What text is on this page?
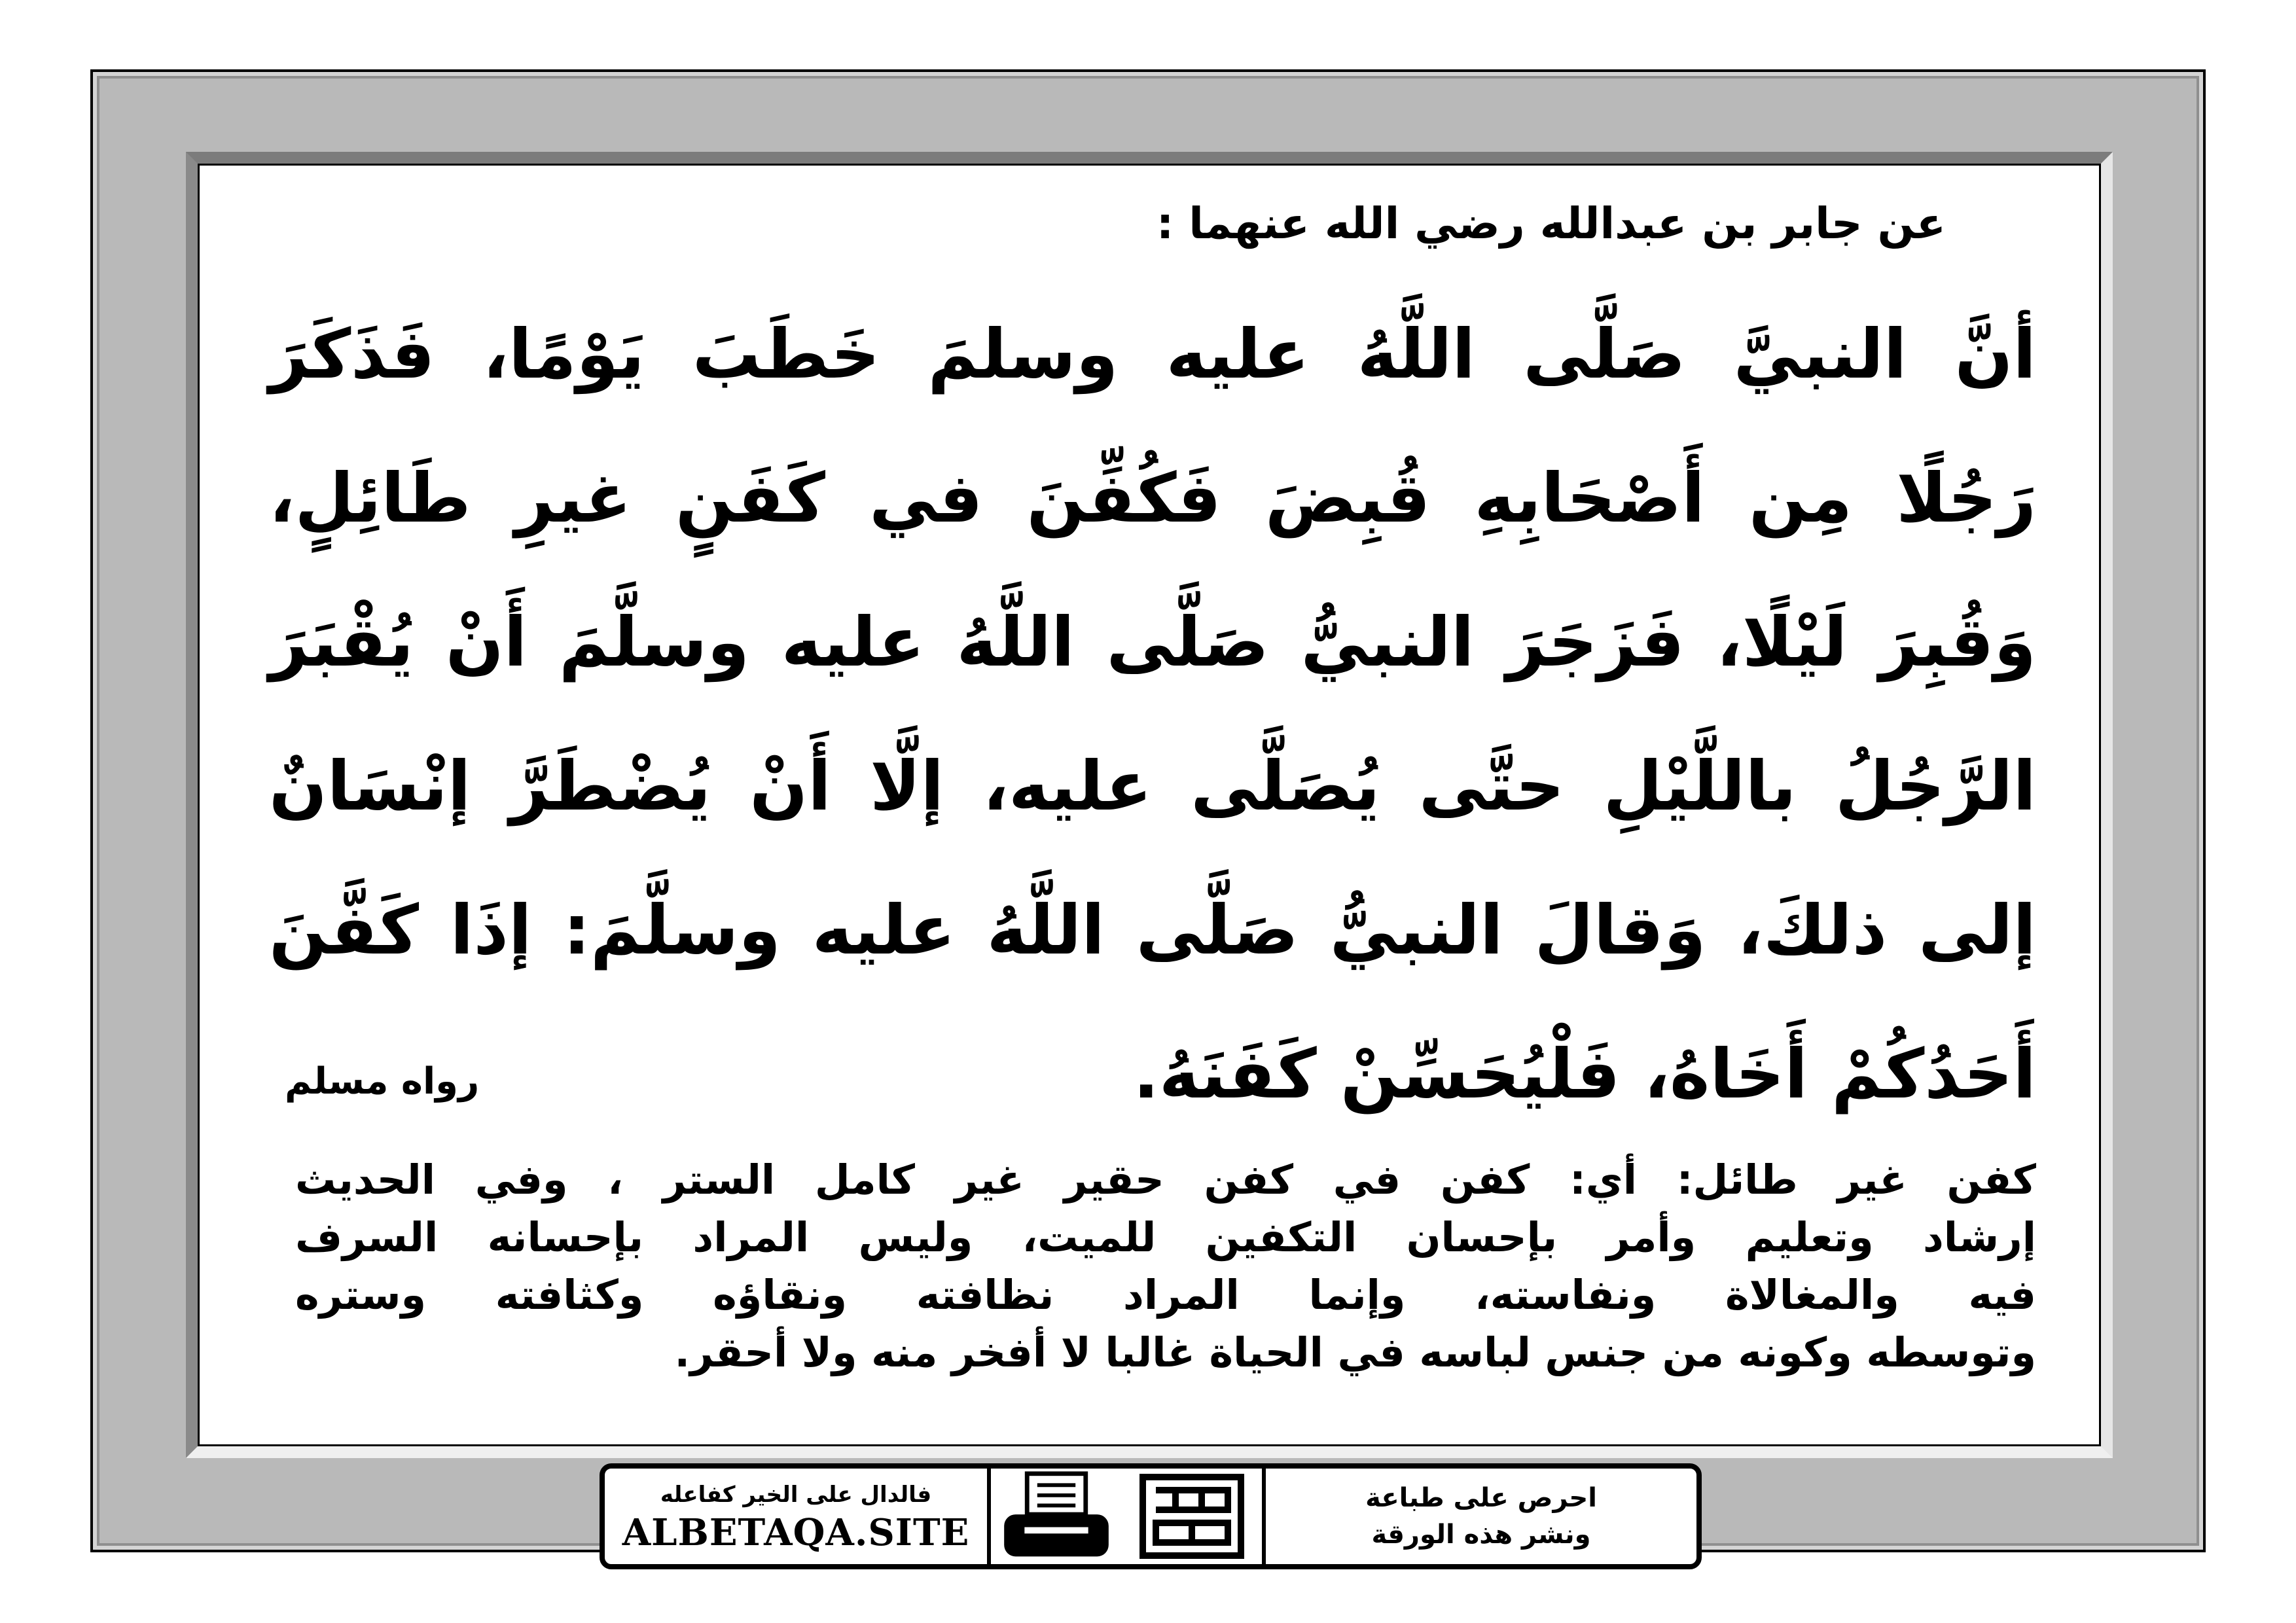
عن جابر بن عبدالله رضي الله عنهما :
أنَّ النبيَّ صَلَّى اللَّهُ عليه وسلمَ خَطَبَ يَوْمًا، فَذَكَرَ
رَجُلًا مِن أَصْحَابِهِ قُبِضَ فَكُفِّنَ في كَفَنٍ غيرِ طَائِلٍ،
وَقُبِرَ لَيْلًا، فَزَجَرَ النبيُّ صَلَّى اللَّهُ عليه وسلَّمَ أَنْ يُقْبَرَ
الرَّجُلُ باللَّيْلِ حتَّى يُصَلَّى عليه، إلَّا أَنْ يُضْطَرَّ إنْسَانٌ
إلى ذلكَ، وَقالَ النبيُّ صَلَّى اللَّهُ عليه وسلَّمَ: إذَا كَفَّنَ
أَحَدُكُمْ أَخَاهُ، فَلْيُحَسِّنْ كَفَنَهُ.
رواه مسلم
كفن غير طائل: أي: كفن في كفن حقير غير كامل الستر ، وفي الحديث
إرشاد وتعليم وأمر بإحسان التكفين للميت، وليس المراد بإحسانه السرف
فيه والمغالاة ونفاسته، وإنما المراد نظافته ونقاؤه وكثافته وستره
وتوسطه وكونه من جنس لباسه في الحياة غالبا لا أفخر منه ولا أحقر.
فالدال على الخير كفاعله
ALBETAQA.SITE
احرص على طباعة
ونشر هذه الورقة
